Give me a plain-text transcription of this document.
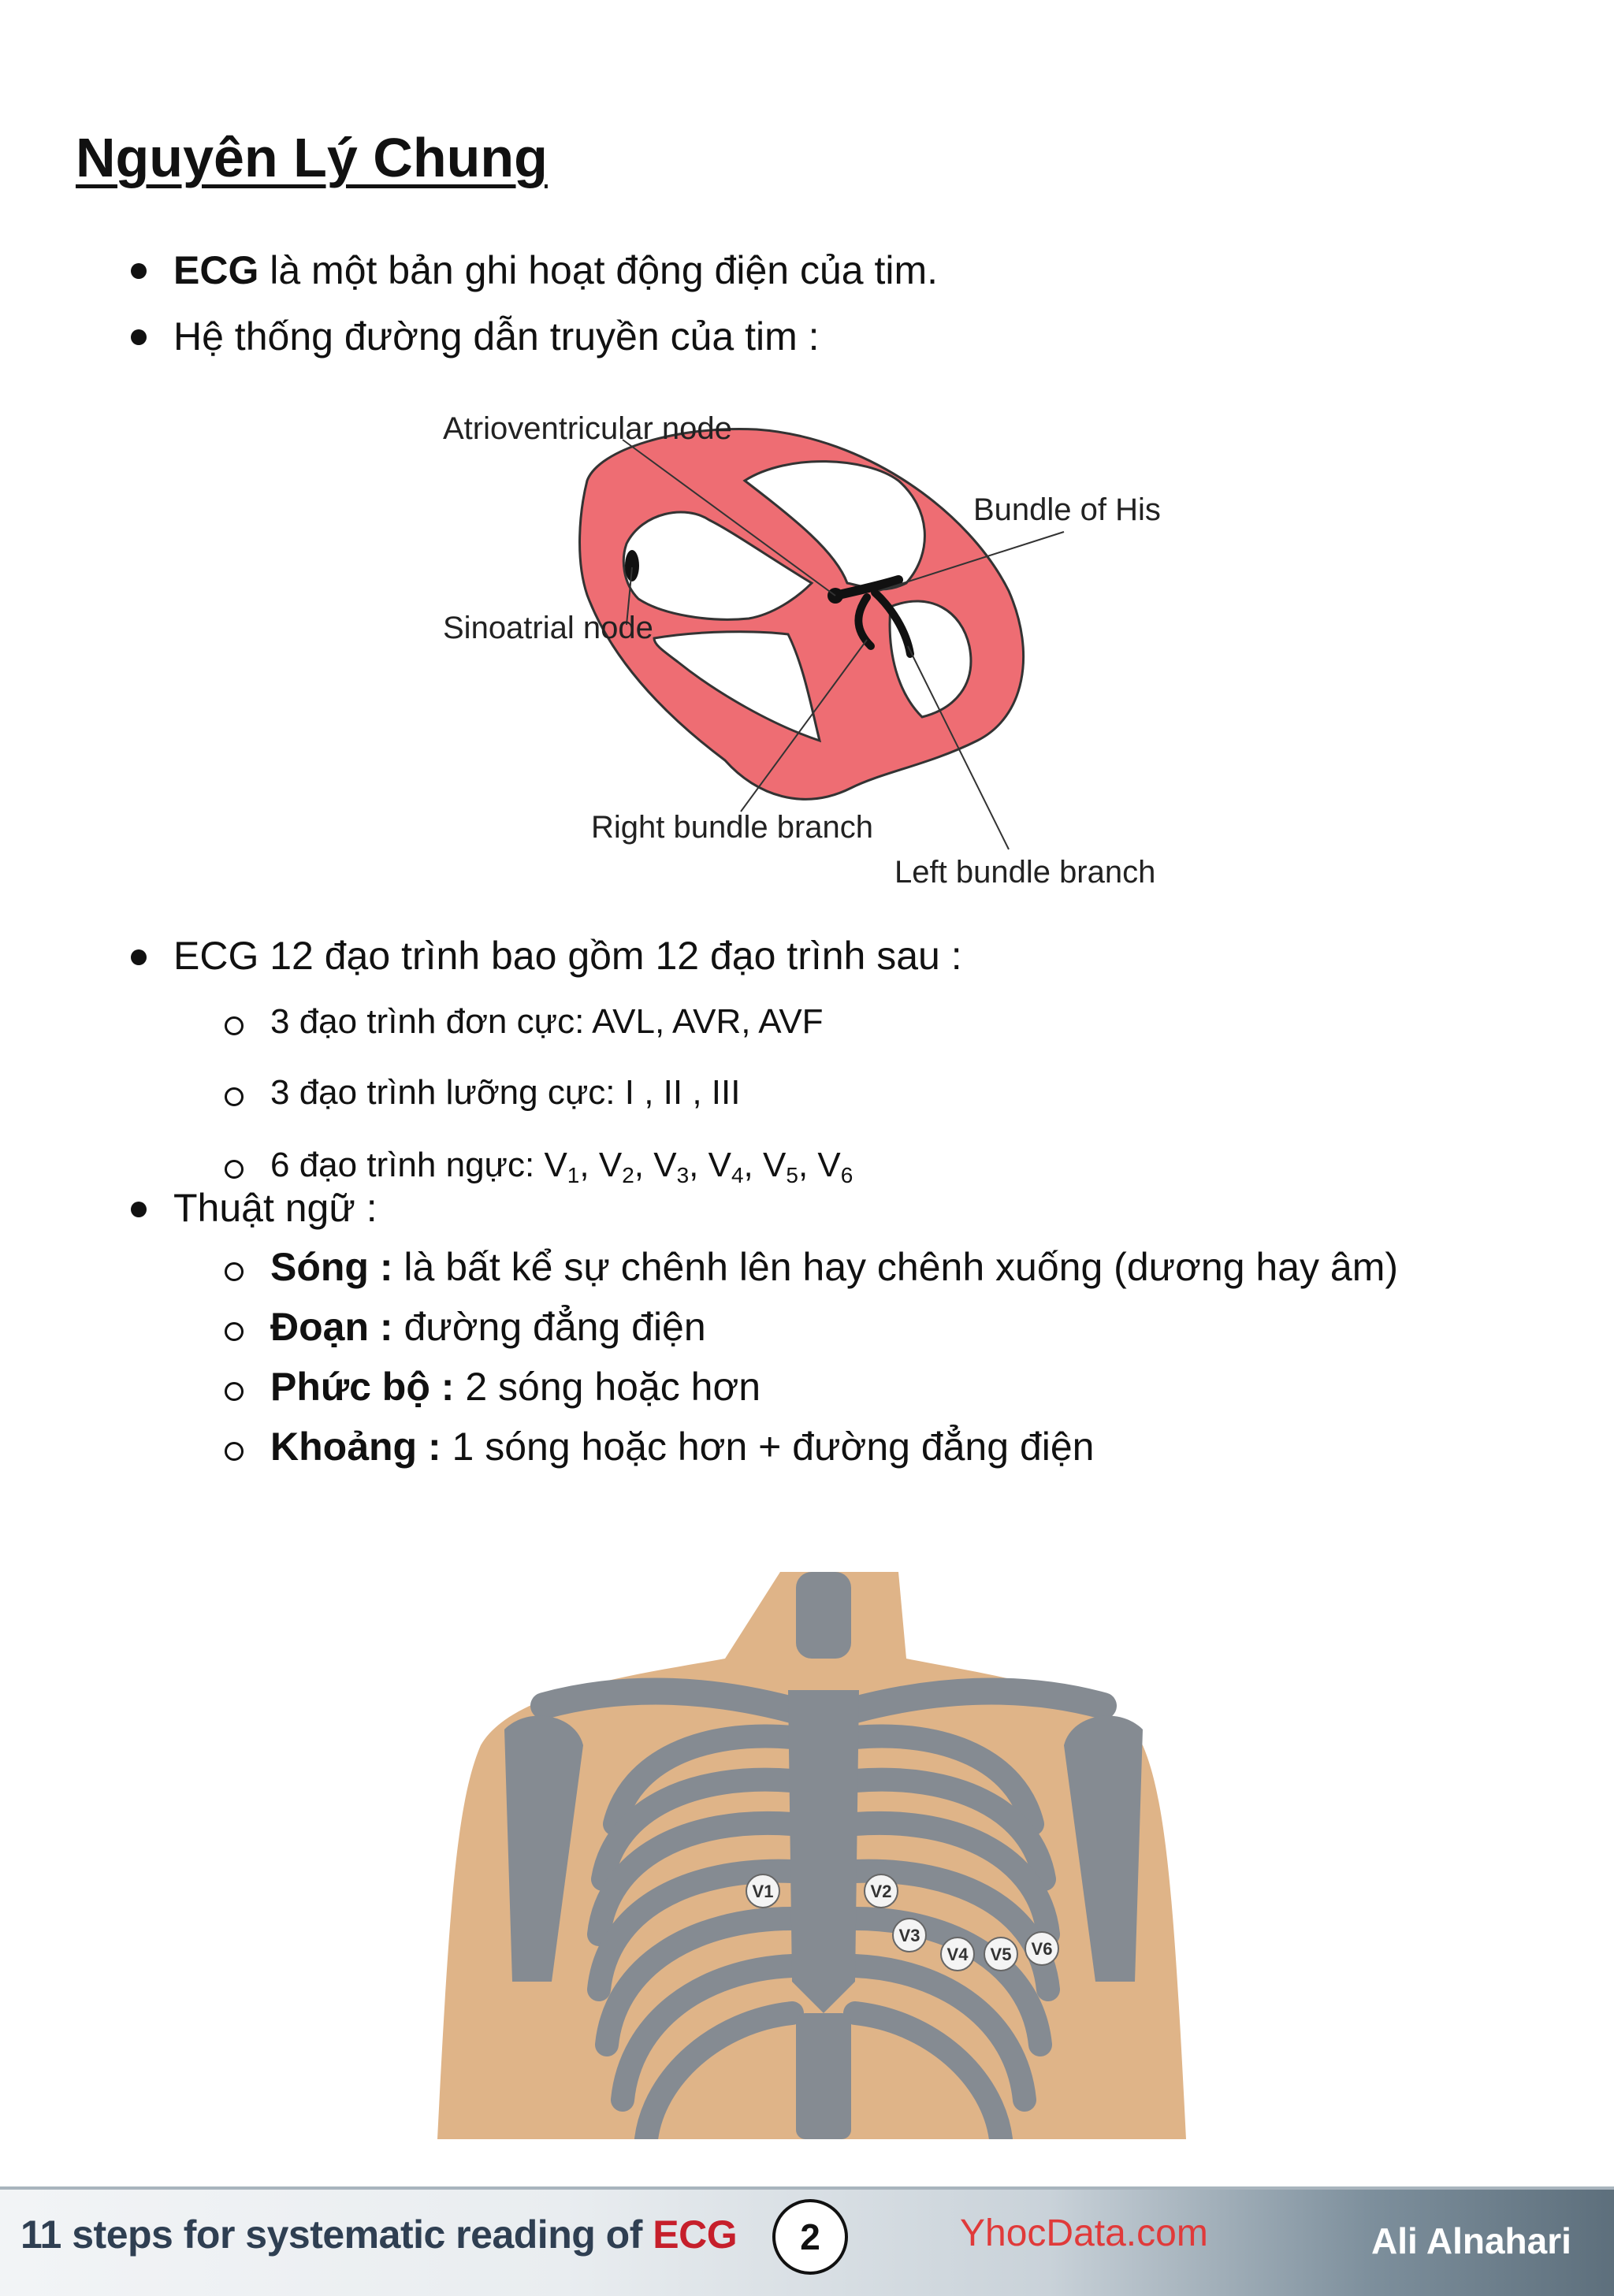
Nguyên Lý Chung
ECG là một bản ghi hoạt động điện của tim.
Hệ thống đường dẫn truyền của tim :
Atrioventricular node
Bundle of His
Sinoatrial node
Right bundle branch
Left bundle branch
ECG 12 đạo trình bao gồm 12 đạo trình sau :
3 đạo trình đơn cực: AVL, AVR, AVF
3 đạo trình lưỡng cực: I , II , III
6 đạo trình ngực: $V_1$, $V_2$, $V_3$, $V_4$, $V_5$, $V_6$
Thuật ngữ :
Sóng : là bất kể sự chênh lên hay chênh xuống (dương hay âm)
Đoạn : đường đẳng điện
Phức bộ : 2 sóng hoặc hơn
Khoảng : 1 sóng hoặc hơn + đường đẳng điện
V1	V2
V3
V4 V5 V6
11 steps for systematic reading of ECG	2	YhocData.com	Ali Alnahari
